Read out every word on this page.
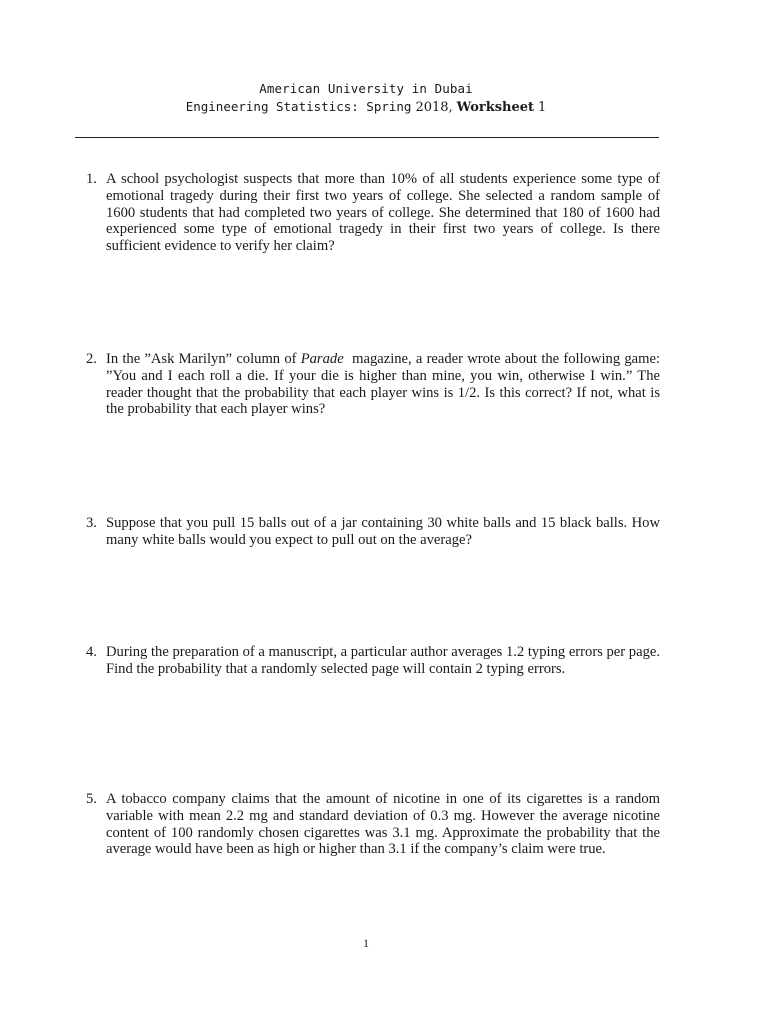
American University in Dubai
Engineering Statistics: Spring 2018, Worksheet 1
1. A school psychologist suspects that more than 10% of all students experience some type of emotional tragedy during their first two years of college. She selected a random sample of 1600 students that had completed two years of college. She determined that 180 of 1600 had experienced some type of emotional tragedy in their first two years of college. Is there sufficient evidence to verify her claim?
2. In the ”Ask Marilyn” column of Parade magazine, a reader wrote about the following game: ”You and I each roll a die. If your die is higher than mine, you win, otherwise I win.” The reader thought that the probability that each player wins is 1/2. Is this correct? If not, what is the probability that each player wins?
3. Suppose that you pull 15 balls out of a jar containing 30 white balls and 15 black balls. How many white balls would you expect to pull out on the average?
4. During the preparation of a manuscript, a particular author averages 1.2 typing errors per page. Find the probability that a randomly selected page will contain 2 typing errors.
5. A tobacco company claims that the amount of nicotine in one of its cigarettes is a random variable with mean 2.2 mg and standard deviation of 0.3 mg. However the average nicotine content of 100 randomly chosen cigarettes was 3.1 mg. Approximate the probability that the average would have been as high or higher than 3.1 if the company’s claim were true.
1
